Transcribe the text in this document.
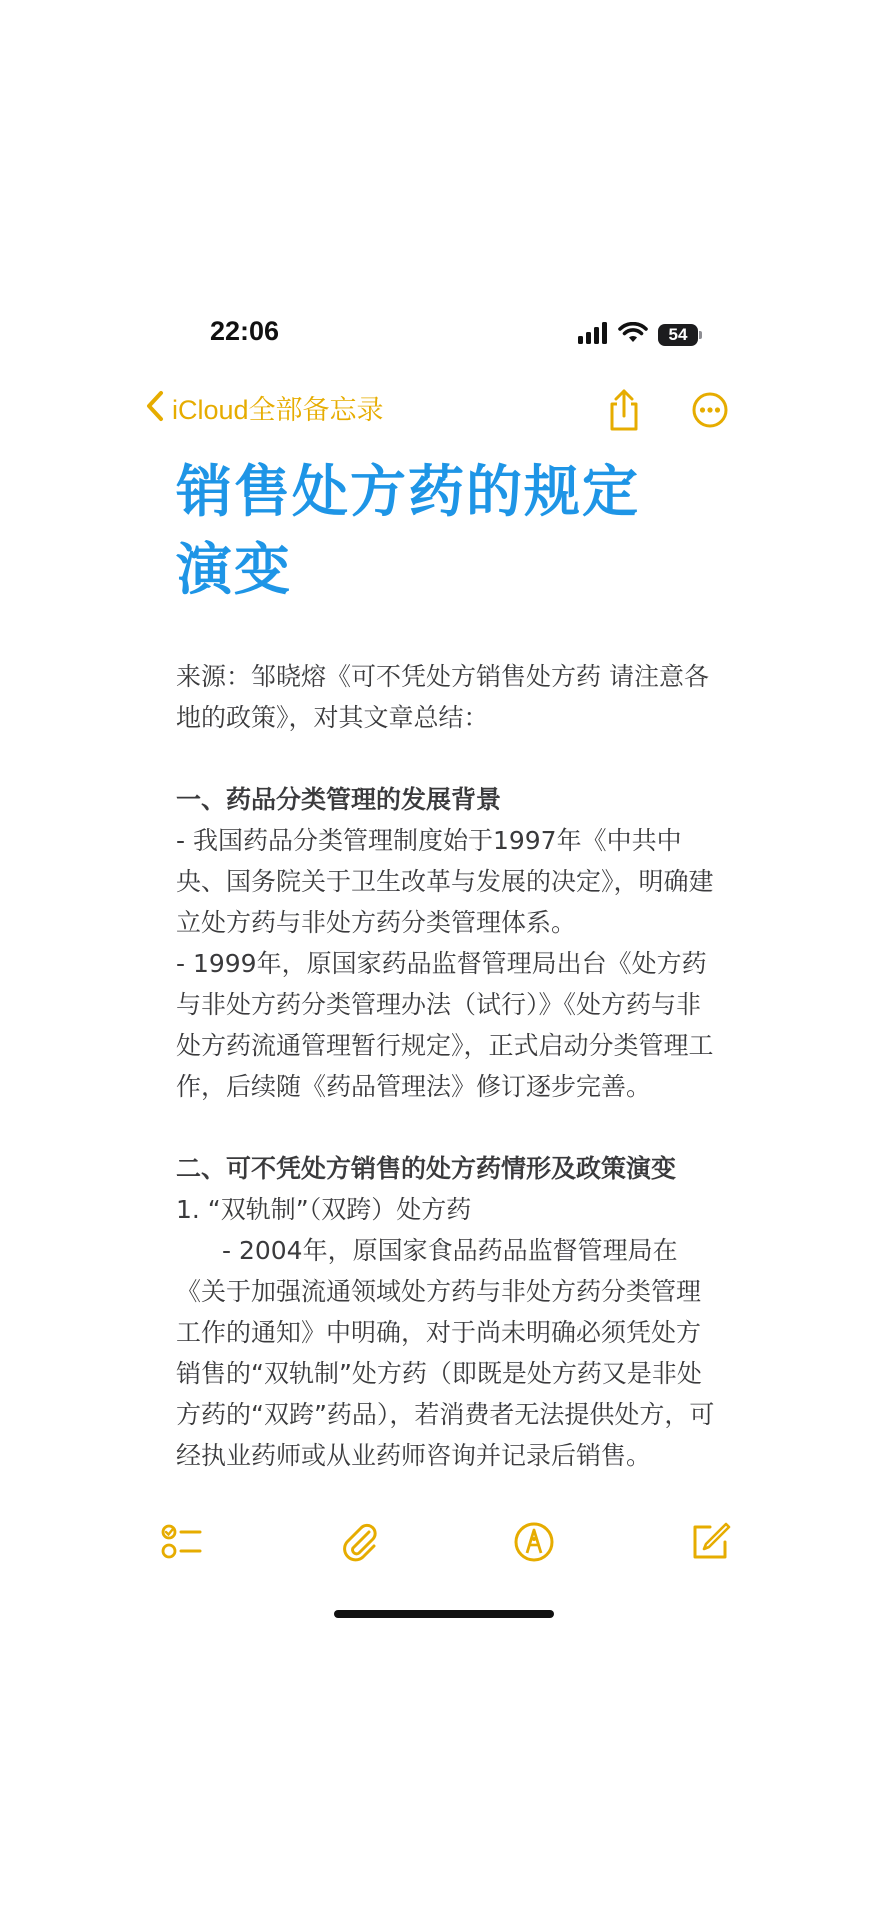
22:06	54
iCloud全部备忘录
销售处方药的规定
演变

来源：邹晓熔《可不凭处方销售处方药 请注意各地的政策》，对其文章总结：

一、药品分类管理的发展背景

- 我国药品分类管理制度始于1997年《中共中央、国务院关于卫生改革与发展的决定》，明确建立处方药与非处方药分类管理体系。

- 1999年，原国家药品监督管理局出台《处方药与非处方药分类管理办法（试行）》《处方药与非处方药流通管理暂行规定》，正式启动分类管理工作，后续随《药品管理法》修订逐步完善。

二、可不凭处方销售的处方药情形及政策演变

1. “双轨制”（双跨）处方药

- 2004年，原国家食品药品监督管理局在《关于加强流通领域处方药与非处方药分类管理工作的通知》中明确，对于尚未明确必须凭处方销售的“双轨制”处方药（即既是处方药又是非处方药的“双跨”药品），若消费者无法提供处方，可经执业药师或从业药师咨询并记录后销售。
